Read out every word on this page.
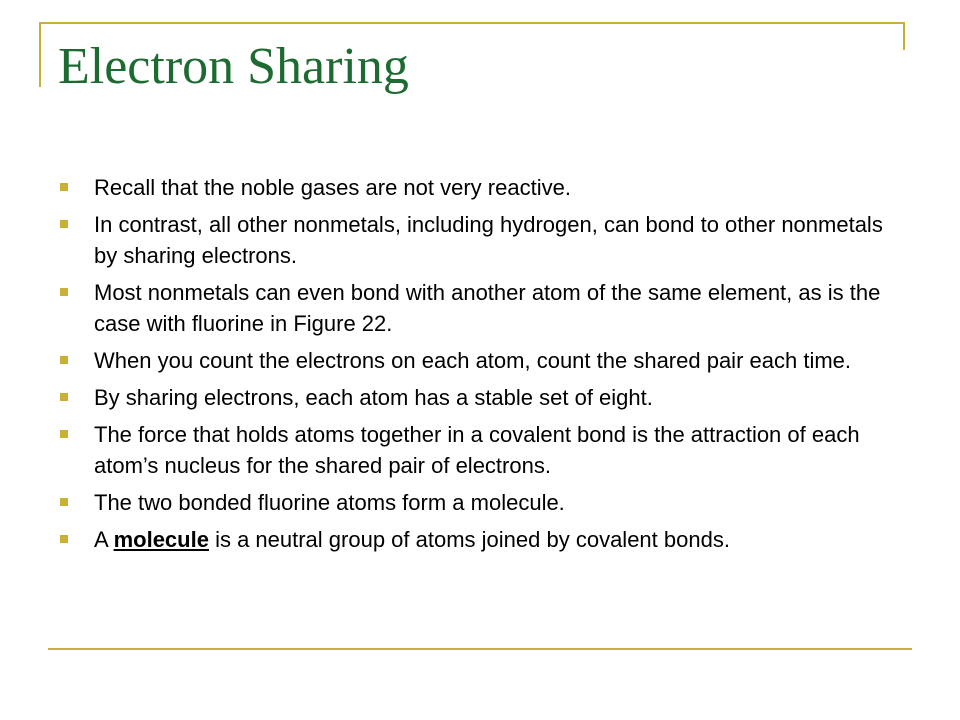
Electron Sharing
Recall that the noble gases are not very reactive.
In contrast, all other nonmetals, including hydrogen, can bond to other nonmetals by sharing electrons.
Most nonmetals can even bond with another atom of the same element, as is the case with fluorine in Figure 22.
When you count the electrons on each atom, count the shared pair each time.
By sharing electrons, each atom has a stable set of eight.
The force that holds atoms together in a covalent bond is the attraction of each atom’s nucleus for the shared pair of electrons.
The two bonded fluorine atoms form a molecule.
A molecule is a neutral group of atoms joined by covalent bonds.
